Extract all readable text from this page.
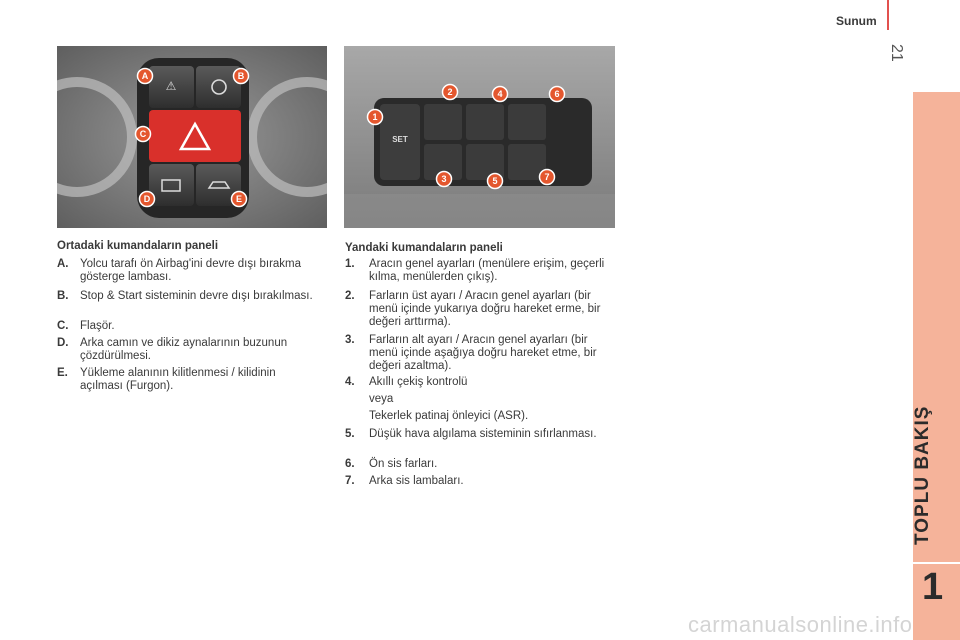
Sunum
21
1
⚠
A	B
C
D	E
SET
1
2
3
4
5
6
7
Ortadaki kumandaların paneli
A. Yolcu tarafı ön Airbag'ini devre dışı bırakma gösterge lambası.
B. Stop & Start sisteminin devre dışı bırakılması.
C. Flaşör.
D. Arka camın ve dikiz aynalarının buzunun çözdürülmesi.
E. Yükleme alanının kilitlenmesi / kilidinin açılması (Furgon).
Yandaki kumandaların paneli
1. Aracın genel ayarları (menülere erişim, geçerli kılma, menülerden çıkış).
2. Farların üst ayarı / Aracın genel ayarları (bir menü içinde yukarıya doğru hareket erme, bir değeri arttırma).
3. Farların alt ayarı / Aracın genel ayarları (bir menü içinde aşağıya doğru hareket etme, bir değeri azaltma).
4. Akıllı çekiş kontrolü
veya
Tekerlek patinaj önleyici (ASR).
5. Düşük hava algılama sisteminin sıfırlanması.
6. Ön sis farları.
7. Arka sis lambaları.
carmanualsonline.info
